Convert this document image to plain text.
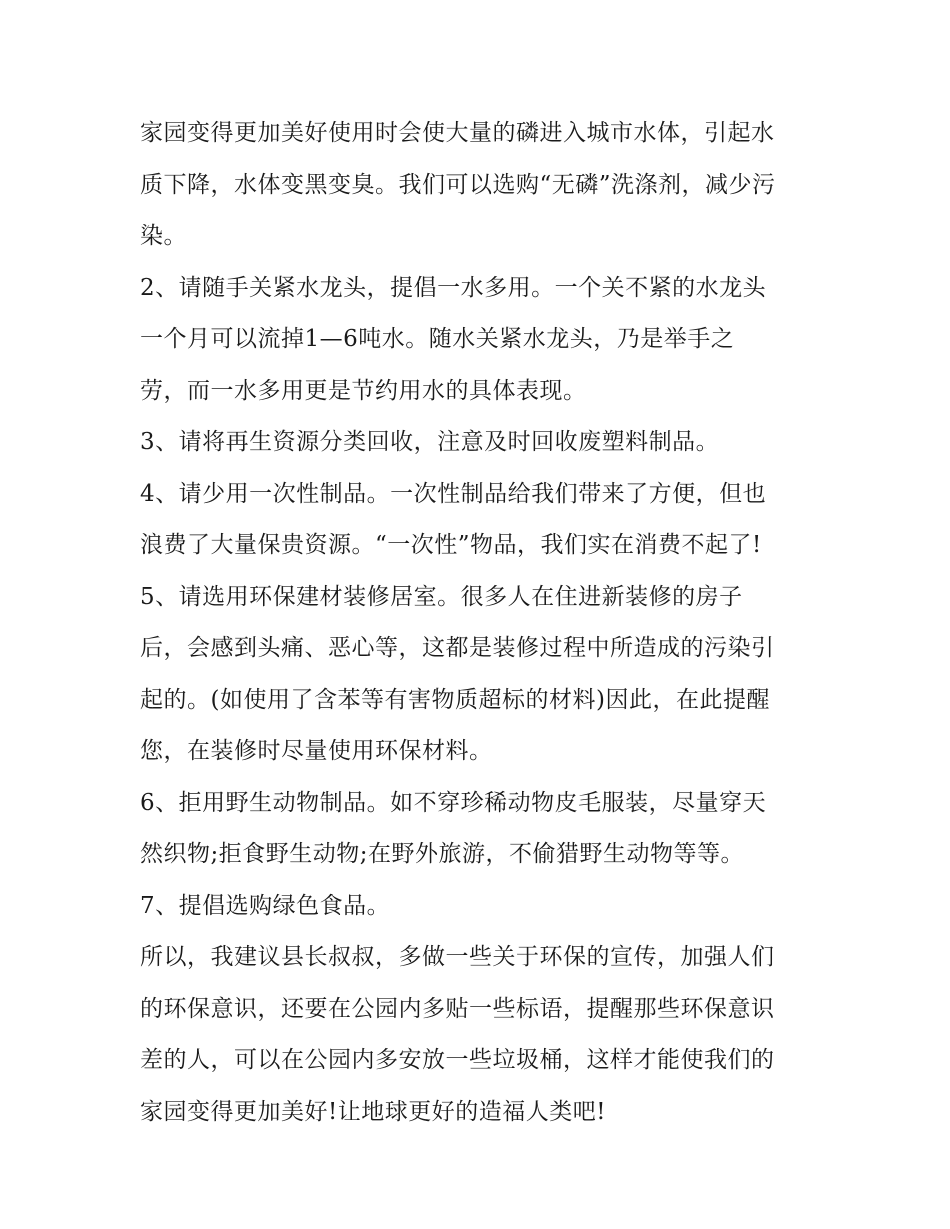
家园变得更加美好使用时会使大量的磷进入城市水体，引起水
质下降，水体变黑变臭。我们可以选购“无磷”洗涤剂，减少污
染。
2、请随手关紧水龙头，提倡一水多用。一个关不紧的水龙头
一个月可以流掉1—6吨水。随水关紧水龙头，乃是举手之
劳，而一水多用更是节约用水的具体表现。
3、请将再生资源分类回收，注意及时回收废塑料制品。
4、请少用一次性制品。一次性制品给我们带来了方便，但也
浪费了大量保贵资源。“一次性”物品，我们实在消费不起了!
5、请选用环保建材装修居室。很多人在住进新装修的房子
后，会感到头痛、恶心等，这都是装修过程中所造成的污染引
起的。(如使用了含苯等有害物质超标的材料)因此，在此提醒
您，在装修时尽量使用环保材料。
6、拒用野生动物制品。如不穿珍稀动物皮毛服装，尽量穿天
然织物;拒食野生动物;在野外旅游，不偷猎野生动物等等。
7、提倡选购绿色食品。
所以，我建议县长叔叔，多做一些关于环保的宣传，加强人们
的环保意识，还要在公园内多贴一些标语，提醒那些环保意识
差的人，可以在公园内多安放一些垃圾桶，这样才能使我们的
家园变得更加美好!让地球更好的造福人类吧!
